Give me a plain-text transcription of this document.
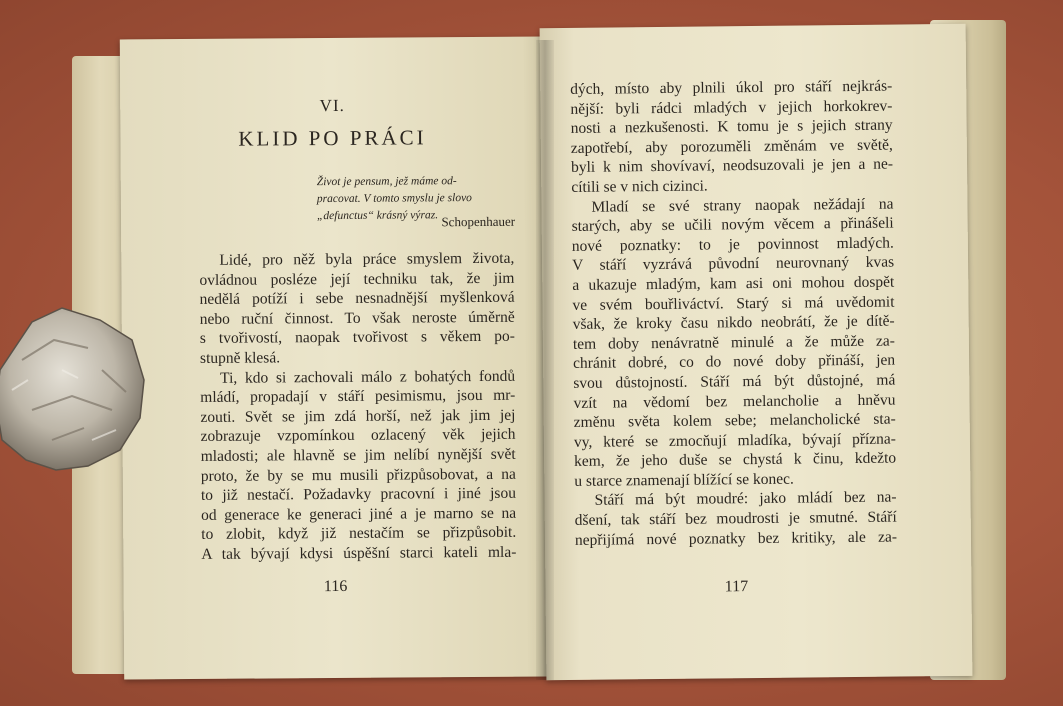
VI.
KLID PO PRÁCI
Život je pensum, jež máme od-
pracovat. V tomto smyslu je slovo
„defunctus“ krásný výraz. Schopenhauer
Lidé, pro něž byla práce smyslem života,
ovládnou posléze její techniku tak, že jim
nedělá potíží i sebe nesnadnější myšlenková
nebo ruční činnost. To však neroste úměrně
s tvořivostí, naopak tvořivost s věkem po-
stupně klesá.
Ti, kdo si zachovali málo z bohatých fondů
mládí, propadají v stáří pesimismu, jsou mr-
zouti. Svět se jim zdá horší, než jak jim jej
zobrazuje vzpomínkou ozlacený věk jejich
mladosti; ale hlavně se jim nelíbí nynější svět
proto, že by se mu musili přizpůsobovat, a na
to již nestačí. Požadavky pracovní i jiné jsou
od generace ke generaci jiné a je marno se na
to zlobit, když již nestačím se přizpůsobit.
A tak bývají kdysi úspěšní starci kateli mla-
116
dých, místo aby plnili úkol pro stáří nejkrás-
nější: byli rádci mladých v jejich horkokrev-
nosti a nezkušenosti. K tomu je s jejich strany
zapotřebí, aby porozuměli změnám ve světě,
byli k nim shovívaví, neodsuzovali je jen a ne-
cítili se v nich cizinci.
Mladí se své strany naopak nežádají na
starých, aby se učili novým věcem a přinášeli
nové poznatky: to je povinnost mladých.
V stáří vyzrává původní neurovnaný kvas
a ukazuje mladým, kam asi oni mohou dospět
ve svém bouřliváctví. Starý si má uvědomit
však, že kroky času nikdo neobrátí, že je dítě-
tem doby nenávratně minulé a že může za-
chránit dobré, co do nové doby přináší, jen
svou důstojností. Stáří má být důstojné, má
vzít na vědomí bez melancholie a hněvu
změnu světa kolem sebe; melancholické sta-
vy, které se zmocňují mladíka, bývají přízna-
kem, že jeho duše se chystá k činu, kdežto
u starce znamenají blížící se konec.
Stáří má být moudré: jako mládí bez na-
dšení, tak stáří bez moudrosti je smutné. Stáří
nepřijímá nové poznatky bez kritiky, ale za-
117
